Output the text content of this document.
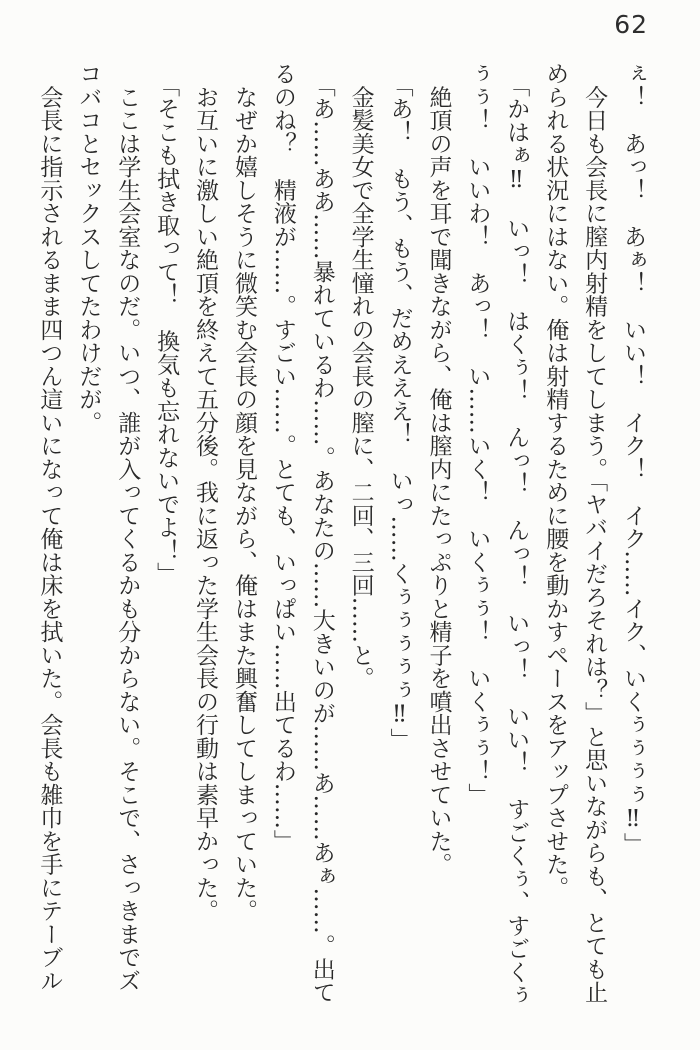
62

ぇ！　あっ！　あぁ！　いい！　イク！　イク……イク、いくぅぅぅぅ‼」

　今日も会長に膣内射精をしてしまう。「ヤバイだろそれは？」と思いながらも、とても止

められる状況にはない。俺は射精するために腰を動かすペースをアップさせた。

　「かはぁ‼　いっ！　はくぅ！　んっ！　んっ！　いっ！　いい！　すごくぅ、すごくぅ

ぅぅ！　いいわ！　あっ！　い……いく！　いくぅぅ！　いくぅぅ！」

　絶頂の声を耳で聞きながら、俺は膣内にたっぷりと精子を噴出させていた。

　「あ！　もう、もう、だめえええ！　いっ……くぅぅぅぅぅ‼」

　金髪美女で全学生憧れの会長の膣に、二回、三回……と。

　「あ……ああ……暴れているわ……。あなたの……大きいのが……あ……あぁ……。出て

るのね？　精液が……。すごい……。とても、いっぱい……出てるわ……」

　なぜか嬉しそうに微笑む会長の顔を見ながら、俺はまた興奮してしまっていた。

　お互いに激しい絶頂を終えて五分後。我に返った学生会長の行動は素早かった。

　「そこも拭き取って！　換気も忘れないでよ！」

　ここは学生会室なのだ。いつ、誰が入ってくるかも分からない。そこで、さっきまでズ

コバコとセックスしてたわけだが。

　会長に指示されるまま四つん這いになって俺は床を拭いた。会長も雑巾を手にテーブル
